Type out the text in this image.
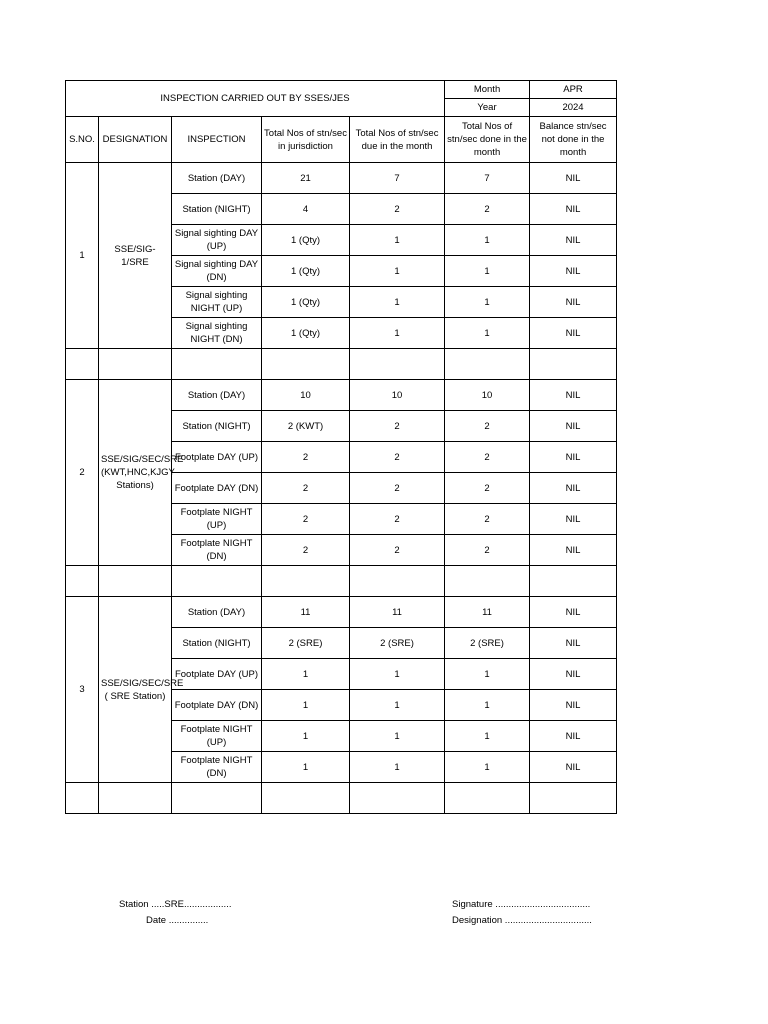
INSPECTION CARRIED OUT BY SSES/JES					Month	APR
					Year	2024
S.NO.	DESIGNATION	INSPECTION	Total Nos of stn/sec in jurisdiction	Total Nos of stn/sec due in the month	Total Nos of stn/sec done in the month	Balance stn/sec not done in the month
1	SSE/SIG-1/SRE	Station (DAY)	21	7	7	NIL
		Station (NIGHT)	4	2	2	NIL
		Signal sighting DAY (UP)	1 (Qty)	1	1	NIL
		Signal sighting DAY (DN)	1 (Qty)	1	1	NIL
		Signal sighting NIGHT (UP)	1 (Qty)	1	1	NIL
		Signal sighting NIGHT (DN)	1 (Qty)	1	1	NIL

2	SSE/SIG/SEC/SRE (KWT,HNC,KJGY Stations)	Station (DAY)	10	10	10	NIL
		Station (NIGHT)	2 (KWT)	2	2	NIL
		Footplate DAY (UP)	2	2	2	NIL
		Footplate DAY (DN)	2	2	2	NIL
		Footplate NIGHT (UP)	2	2	2	NIL
		Footplate NIGHT (DN)	2	2	2	NIL

3	SSE/SIG/SEC/SRE ( SRE Station)	Station (DAY)	11	11	11	NIL
		Station (NIGHT)	2 (SRE)	2 (SRE)	2 (SRE)	NIL
		Footplate DAY (UP)	1	1	1	NIL
		Footplate DAY (DN)	1	1	1	NIL
		Footplate NIGHT (UP)	1	1	1	NIL
		Footplate NIGHT (DN)	1	1	1	NIL

Station .....SRE..................
Date ...............
Signature ....................................
Designation .................................
